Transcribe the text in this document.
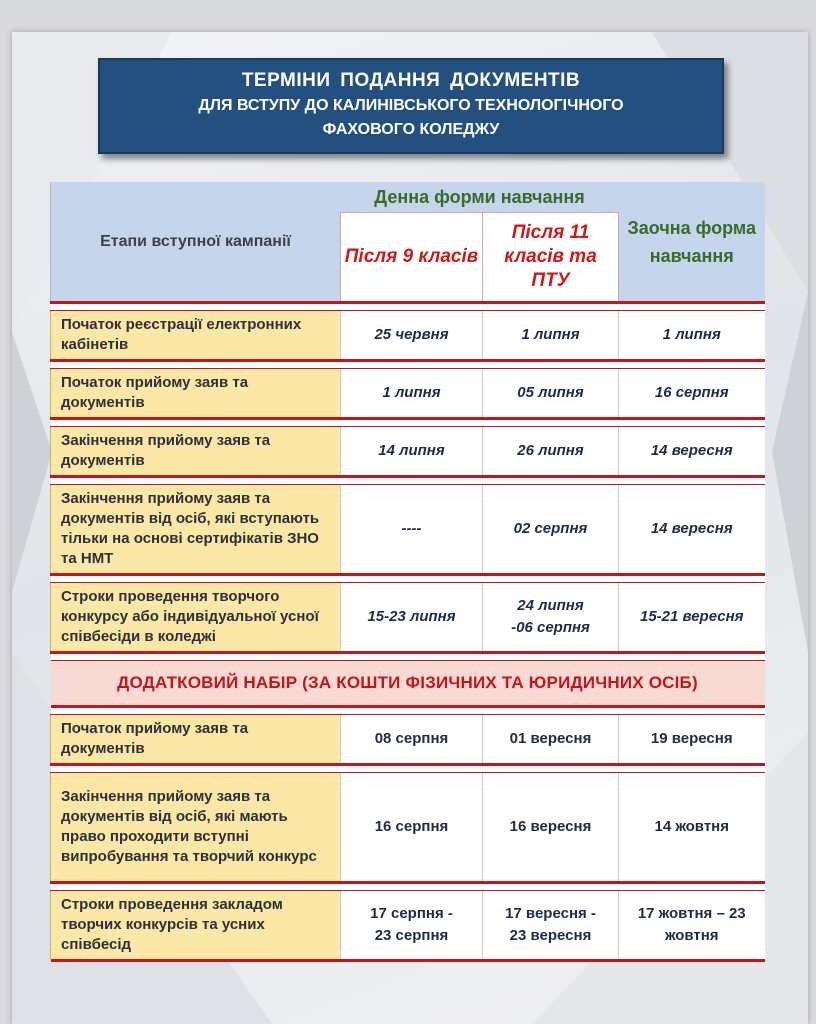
ТЕРМІНИ ПОДАННЯ ДОКУМЕНТІВ
ДЛЯ ВСТУПУ ДО КАЛИНІВСЬКОГО ТЕХНОЛОГІЧНОГО
ФАХОВОГО КОЛЕДЖУ
Етапи вступної кампанії	Денна форми навчання		Заочна форма навчання
	Після 9 класів	Після 11 класів та ПТУ	

Початок реєстрації електронних кабінетів	25 червня	1 липня	1 липня

Початок прийому заяв та документів	1 липня	05 липня	16 серпня

Закінчення прийому заяв та документів	14 липня	26 липня	14 вересня

Закінчення прийому заяв та документів від осіб, які вступають тільки на основі сертифікатів ЗНО та НМТ	----	02 серпня	14 вересня

Строки проведення творчого конкурсу або індивідуальної усної співбесіди в коледжі	15-23 липня	24 липня -06 серпня	15-21 вересня

ДОДАТКОВИЙ НАБІР (ЗА КОШТИ ФІЗИЧНИХ ТА ЮРИДИЧНИХ ОСІБ)			

Початок прийому заяв та документів	08 серпня	01 вересня	19 вересня

Закінчення прийому заяв та документів від осіб, які мають право проходити вступні випробування та творчий конкурс	16 серпня	16 вересня	14 жовтня

Строки проведення закладом творчих конкурсів та усних співбесід	17 серпня - 23 серпня	17 вересня - 23 вересня	17 жовтня – 23 жовтня
